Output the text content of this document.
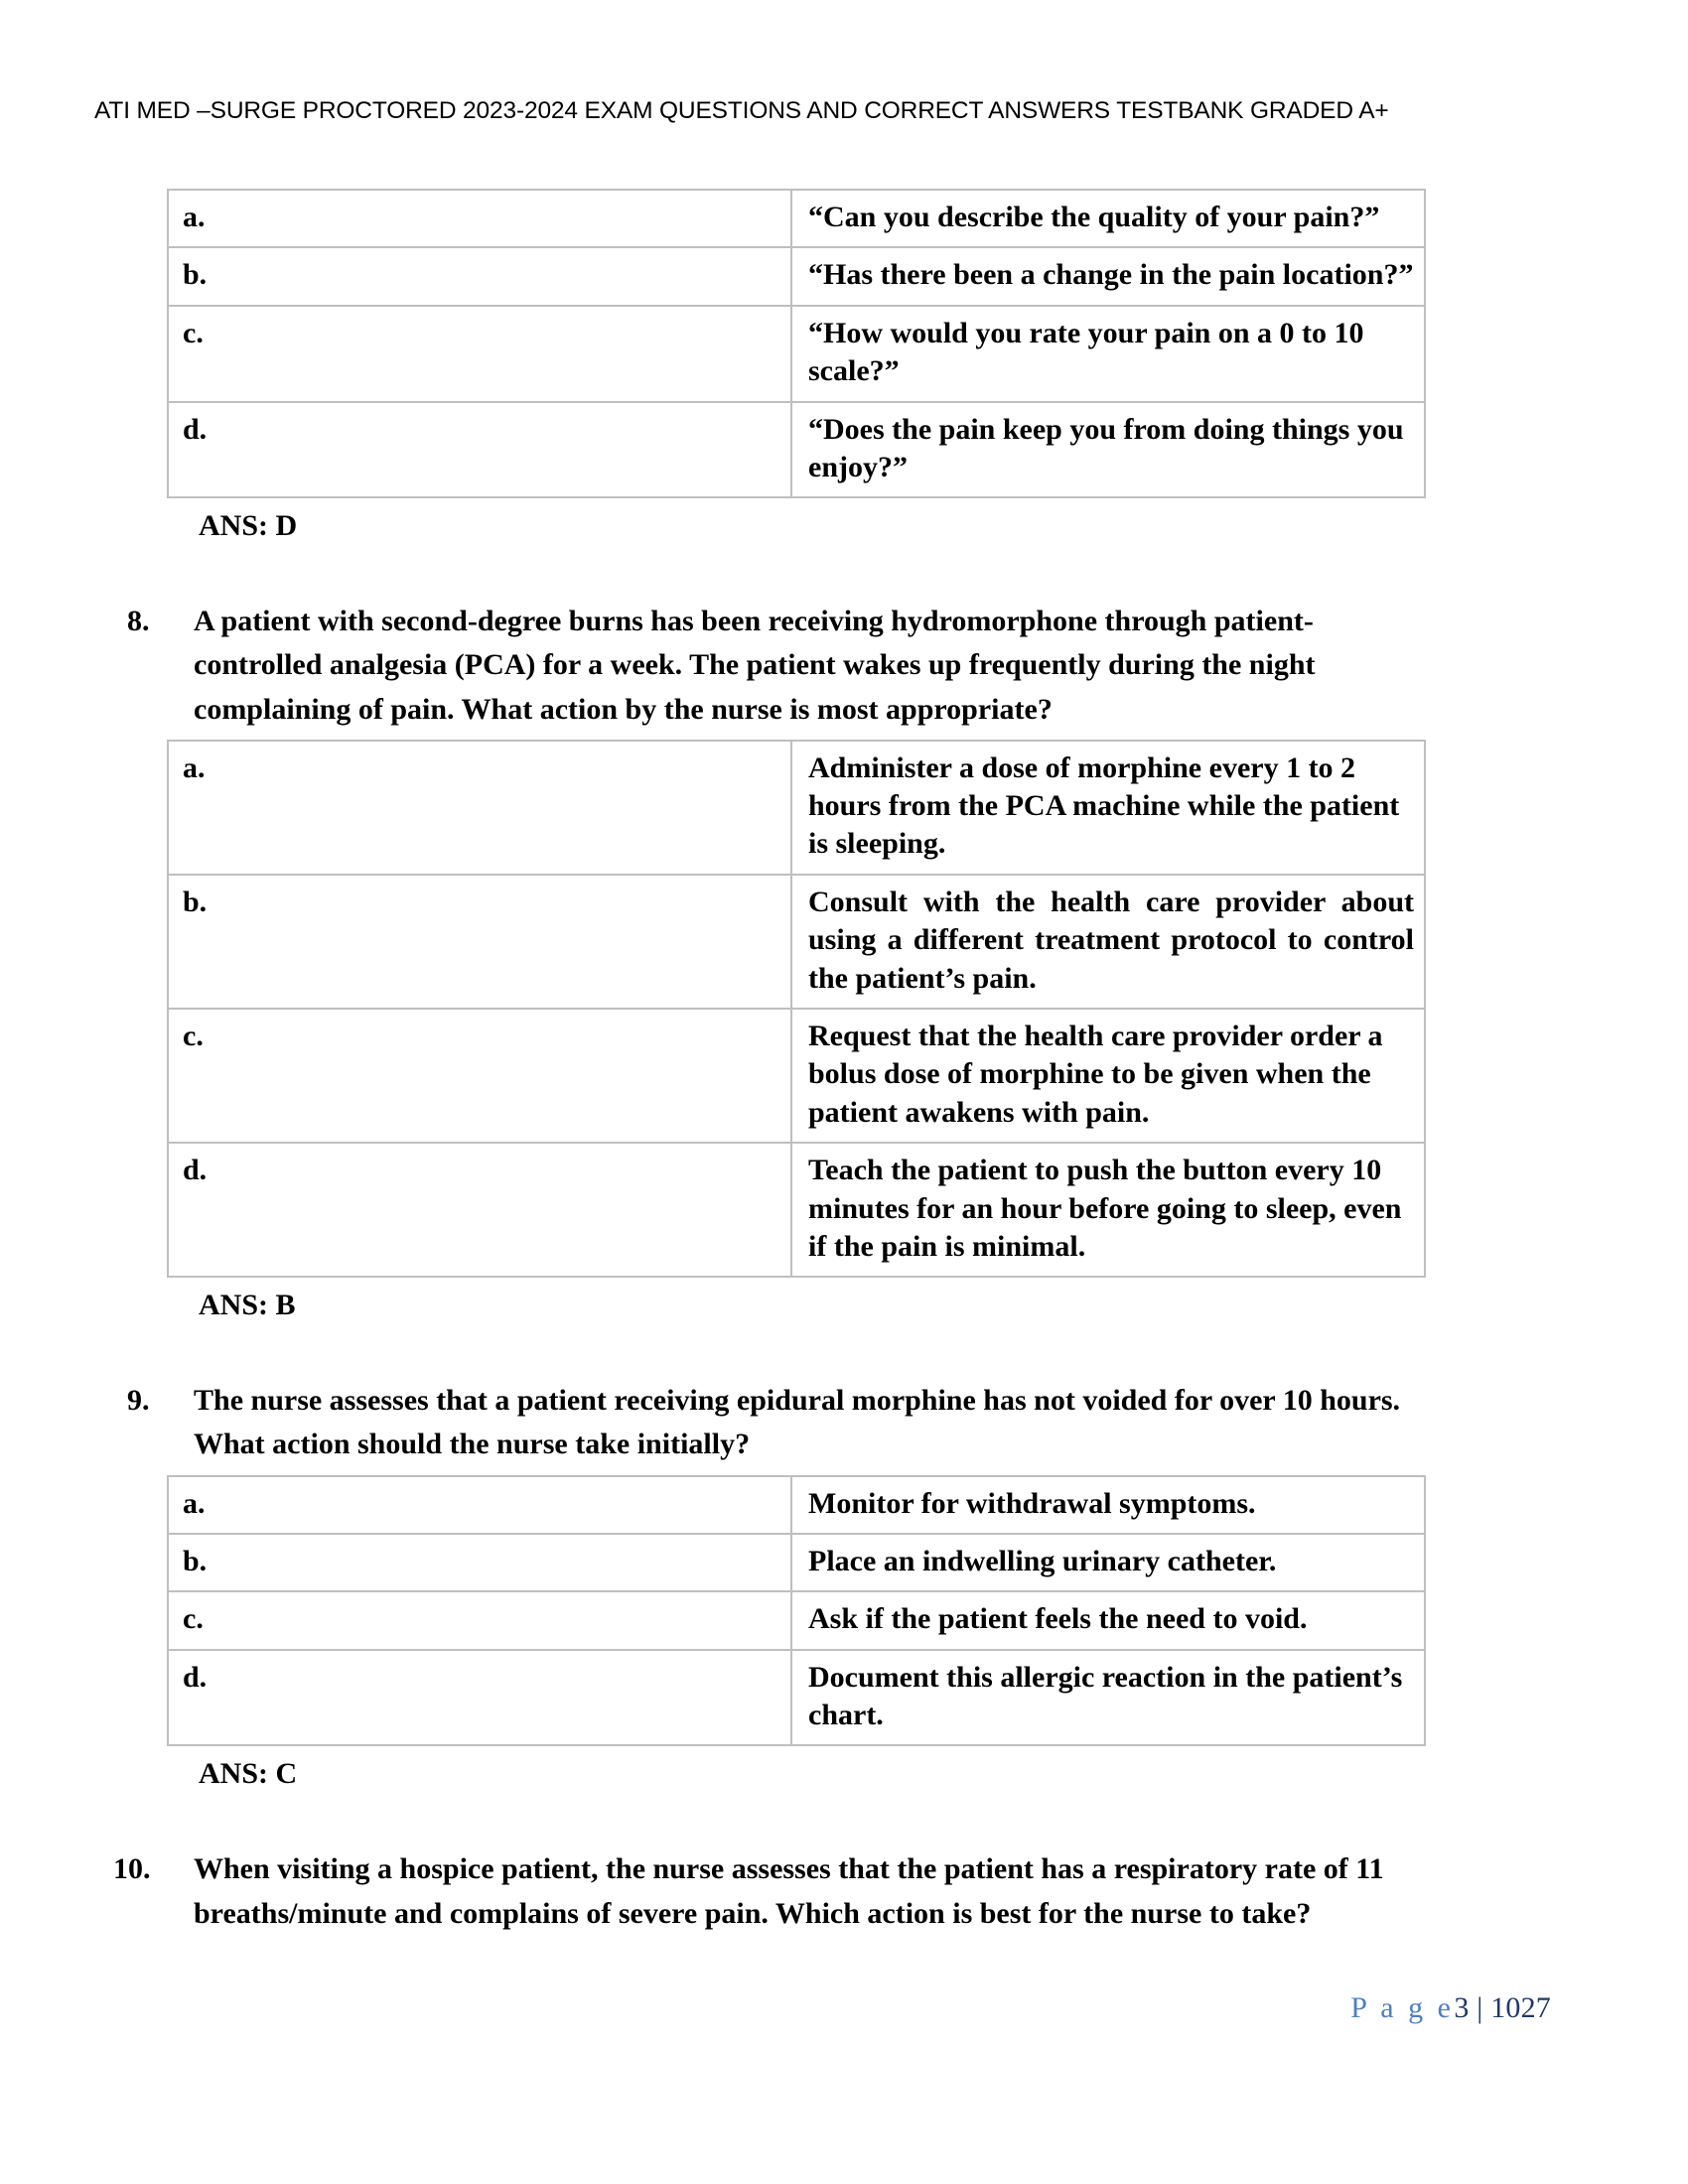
ATI MED –SURGE PROCTORED 2023-2024 EXAM QUESTIONS AND CORRECT ANSWERS TESTBANK GRADED A+
a.	“Can you describe the quality of your pain?”
b.	“Has there been a change in the pain location?”
c.	“How would you rate your pain on a 0 to 10 scale?”
d.	“Does the pain keep you from doing things you enjoy?”
ANS: D
8.	A patient with second-degree burns has been receiving hydromorphone through patient-controlled analgesia (PCA) for a week. The patient wakes up frequently during the night complaining of pain. What action by the nurse is most appropriate?
a.	Administer a dose of morphine every 1 to 2 hours from the PCA machine while the patient is sleeping.
b.	Consult with the health care provider about using a different treatment protocol to control the patient’s pain.
c.	Request that the health care provider order a bolus dose of morphine to be given when the patient awakens with pain.
d.	Teach the patient to push the button every 10 minutes for an hour before going to sleep, even if the pain is minimal.
ANS: B
9.	The nurse assesses that a patient receiving epidural morphine has not voided for over 10 hours. What action should the nurse take initially?
a.	Monitor for withdrawal symptoms.
b.	Place an indwelling urinary catheter.
c.	Ask if the patient feels the need to void.
d.	Document this allergic reaction in the patient’s chart.
ANS: C
10.	When visiting a hospice patient, the nurse assesses that the patient has a respiratory rate of 11 breaths/minute and complains of severe pain. Which action is best for the nurse to take?
P a g e3 | 1027
